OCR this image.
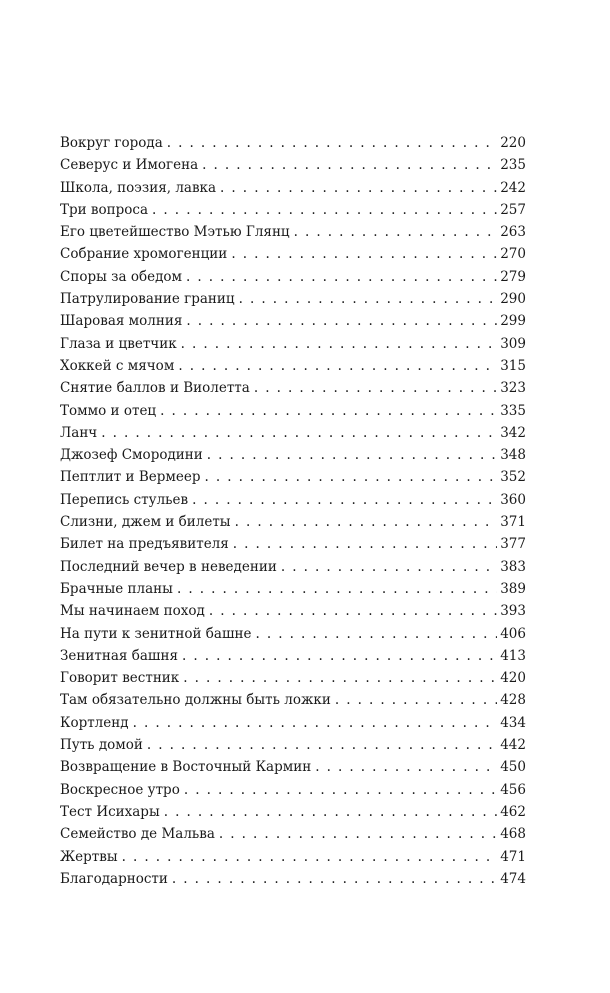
Вокруг города . . .	220
Северус и Имогена . . .	235
Школа, поэзия, лавка . . .	242
Три вопроса . . .	257
Его цветейшество Мэтью Глянц . . .	263
Собрание хромогенции . . .	270
Споры за обедом . . .	279
Патрулирование границ . . .	290
Шаровая молния . . .	299
Глаза и цветчик . . .	309
Хоккей с мячом . . .	315
Снятие баллов и Виолетта . . .	323
Томмо и отец . . .	335
Ланч . . .	342
Джозеф Смородини . . .	348
Пептлит и Вермеер . . .	352
Перепись стульев . . .	360
Слизни, джем и билеты . . .	371
Билет на предъявителя . . .	377
Последний вечер в неведении . . .	383
Брачные планы . . .	389
Мы начинаем поход . . .	393
На пути к зенитной башне . . .	406
Зенитная башня . . .	413
Говорит вестник . . .	420
Там обязательно должны быть ложки . . .	428
Кортленд . . .	434
Путь домой . . .	442
Возвращение в Восточный Кармин . . .	450
Воскресное утро . . .	456
Тест Исихары . . .	462
Семейство де Мальва . . .	468
Жертвы . . .	471
Благодарности . . .	474
